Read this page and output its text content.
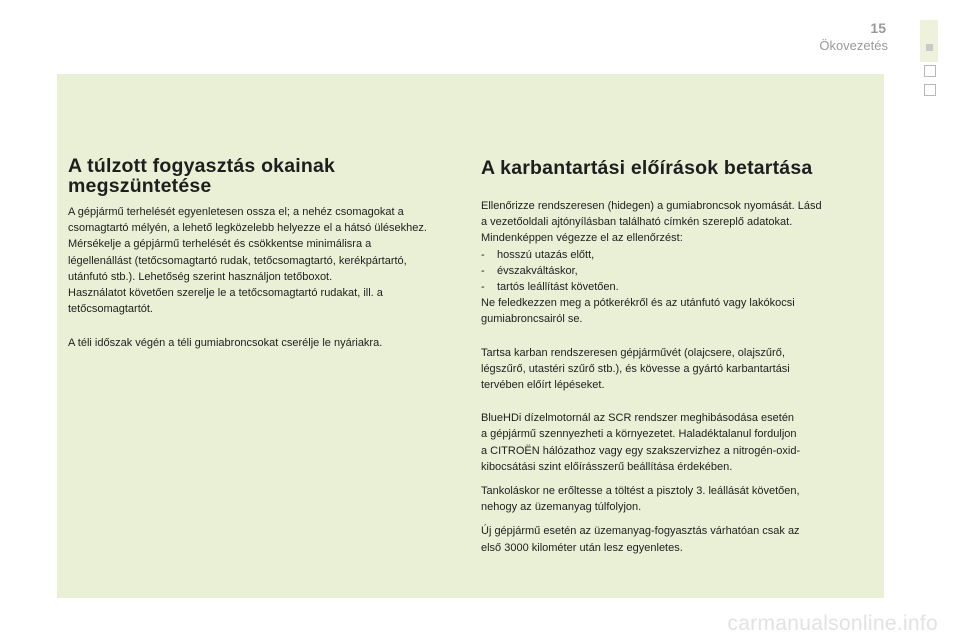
15
Ökovezetés
A túlzott fogyasztás okainak
megszüntetése

A gépjármű terhelését egyenletesen ossza el; a nehéz csomagokat a
csomagtartó mélyén, a lehető legközelebb helyezze el a hátsó ülésekhez.
Mérsékelje a gépjármű terhelését és csökkentse minimálisra a
légellenállást (tetőcsomagtartó rudak, tetőcsomagtartó, kerékpártartó,
utánfutó stb.). Lehetőség szerint használjon tetőboxot.
Használatot követően szerelje le a tetőcsomagtartó rudakat, ill. a
tetőcsomagtartót.

A téli időszak végén a téli gumiabroncsokat cserélje le nyáriakra.

A karbantartási előírások betartása

Ellenőrizze rendszeresen (hidegen) a gumiabroncsok nyomását. Lásd
a vezetőoldali ajtónyílásban található címkén szereplő adatokat.
Mindenképpen végezze el az ellenőrzést:
- hosszú utazás előtt,
- évszakváltáskor,
- tartós leállítást követően.
Ne feledkezzen meg a pótkerékről és az utánfutó vagy lakókocsi
gumiabroncsairól se.

Tartsa karban rendszeresen gépjárművét (olajcsere, olajszűrő,
légszűrő, utastéri szűrő stb.), és kövesse a gyártó karbantartási
tervében előírt lépéseket.

BlueHDi dízelmotornál az SCR rendszer meghibásodása esetén
a gépjármű szennyezheti a környezetet. Haladéktalanul forduljon
a CITROËN hálózathoz vagy egy szakszervizhez a nitrogén-oxid-
kibocsátási szint előírásszerű beállítása érdekében.

Tankoláskor ne erőltesse a töltést a pisztoly 3. leállását követően,
nehogy az üzemanyag túlfolyjon.

Új gépjármű esetén az üzemanyag-fogyasztás várhatóan csak az
első 3000 kilométer után lesz egyenletes.

carmanualsonline.info
